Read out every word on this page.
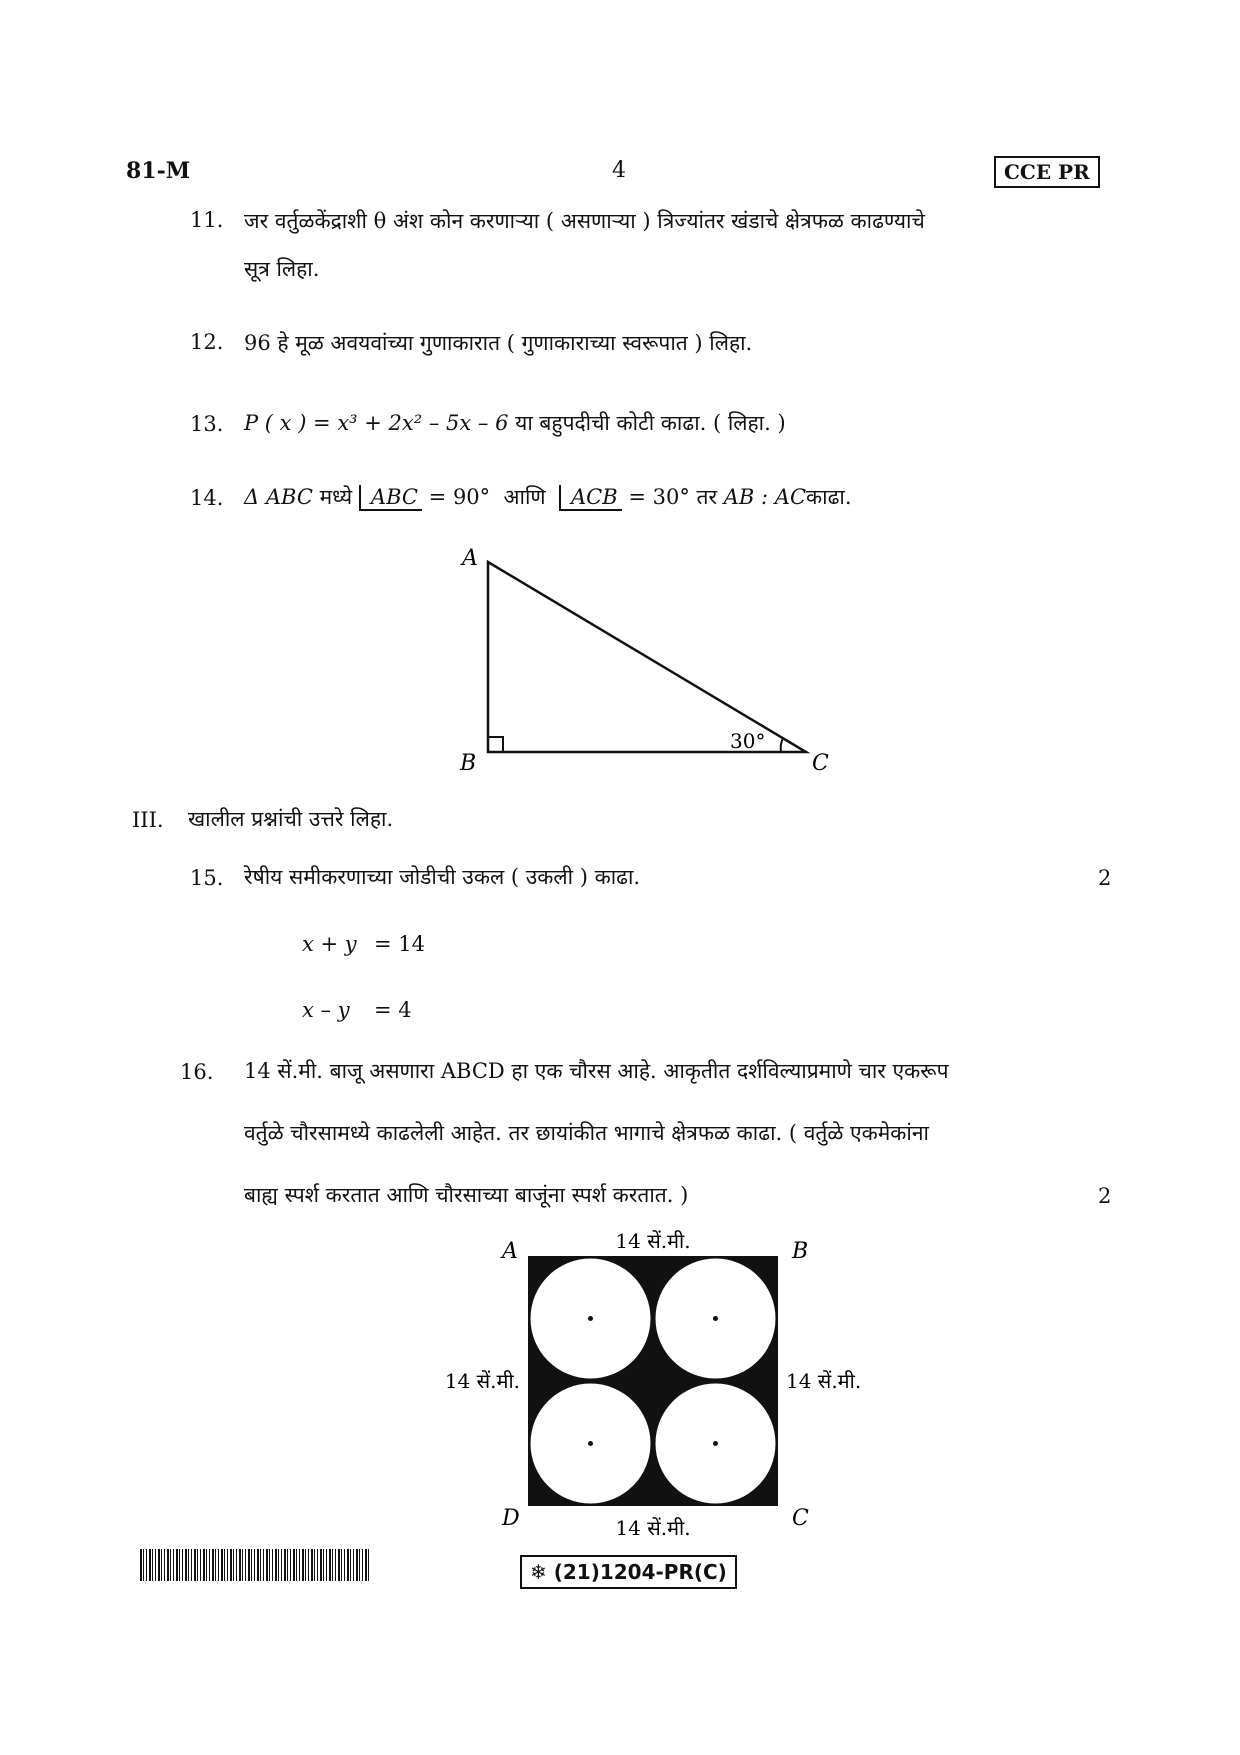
81-M	4	CCE PR
11. जर वर्तुळकेंद्राशी θ अंश कोन करणाऱ्या ( असणाऱ्या ) त्रिज्यांतर खंडाचे क्षेत्रफळ काढण्याचे
सूत्र लिहा.
12. 96 हे मूळ अवयवांच्या गुणाकारात ( गुणाकाराच्या स्वरूपात ) लिहा.
13. P ( x ) = x³ + 2x² – 5x – 6 या बहुपदीची कोटी काढा. ( लिहा. )
14. Δ ABC मध्ये ABC = 90° आणि ACB = 30° तर AB : ACकाढा.
A
B	C
30°
III. खालील प्रश्नांची उत्तरे लिहा.
15. रेषीय समीकरणाच्या जोडीची उकल ( उकली ) काढा.	2
x + y = 14
x – y = 4
16. 14 सें.मी. बाजू असणारा ABCD हा एक चौरस आहे. आकृतीत दर्शविल्याप्रमाणे चार एकरूप
वर्तुळे चौरसामध्ये काढलेली आहेत. तर छायांकीत भागाचे क्षेत्रफळ काढा. ( वर्तुळे एकमेकांना
बाह्य स्पर्श करतात आणि चौरसाच्या बाजूंना स्पर्श करतात. )	2
A	B
C
D
14 सें.मी.
14 सें.मी.
14 सें.मी.	14 सें.मी.
❄ (21)1204-PR(C)
